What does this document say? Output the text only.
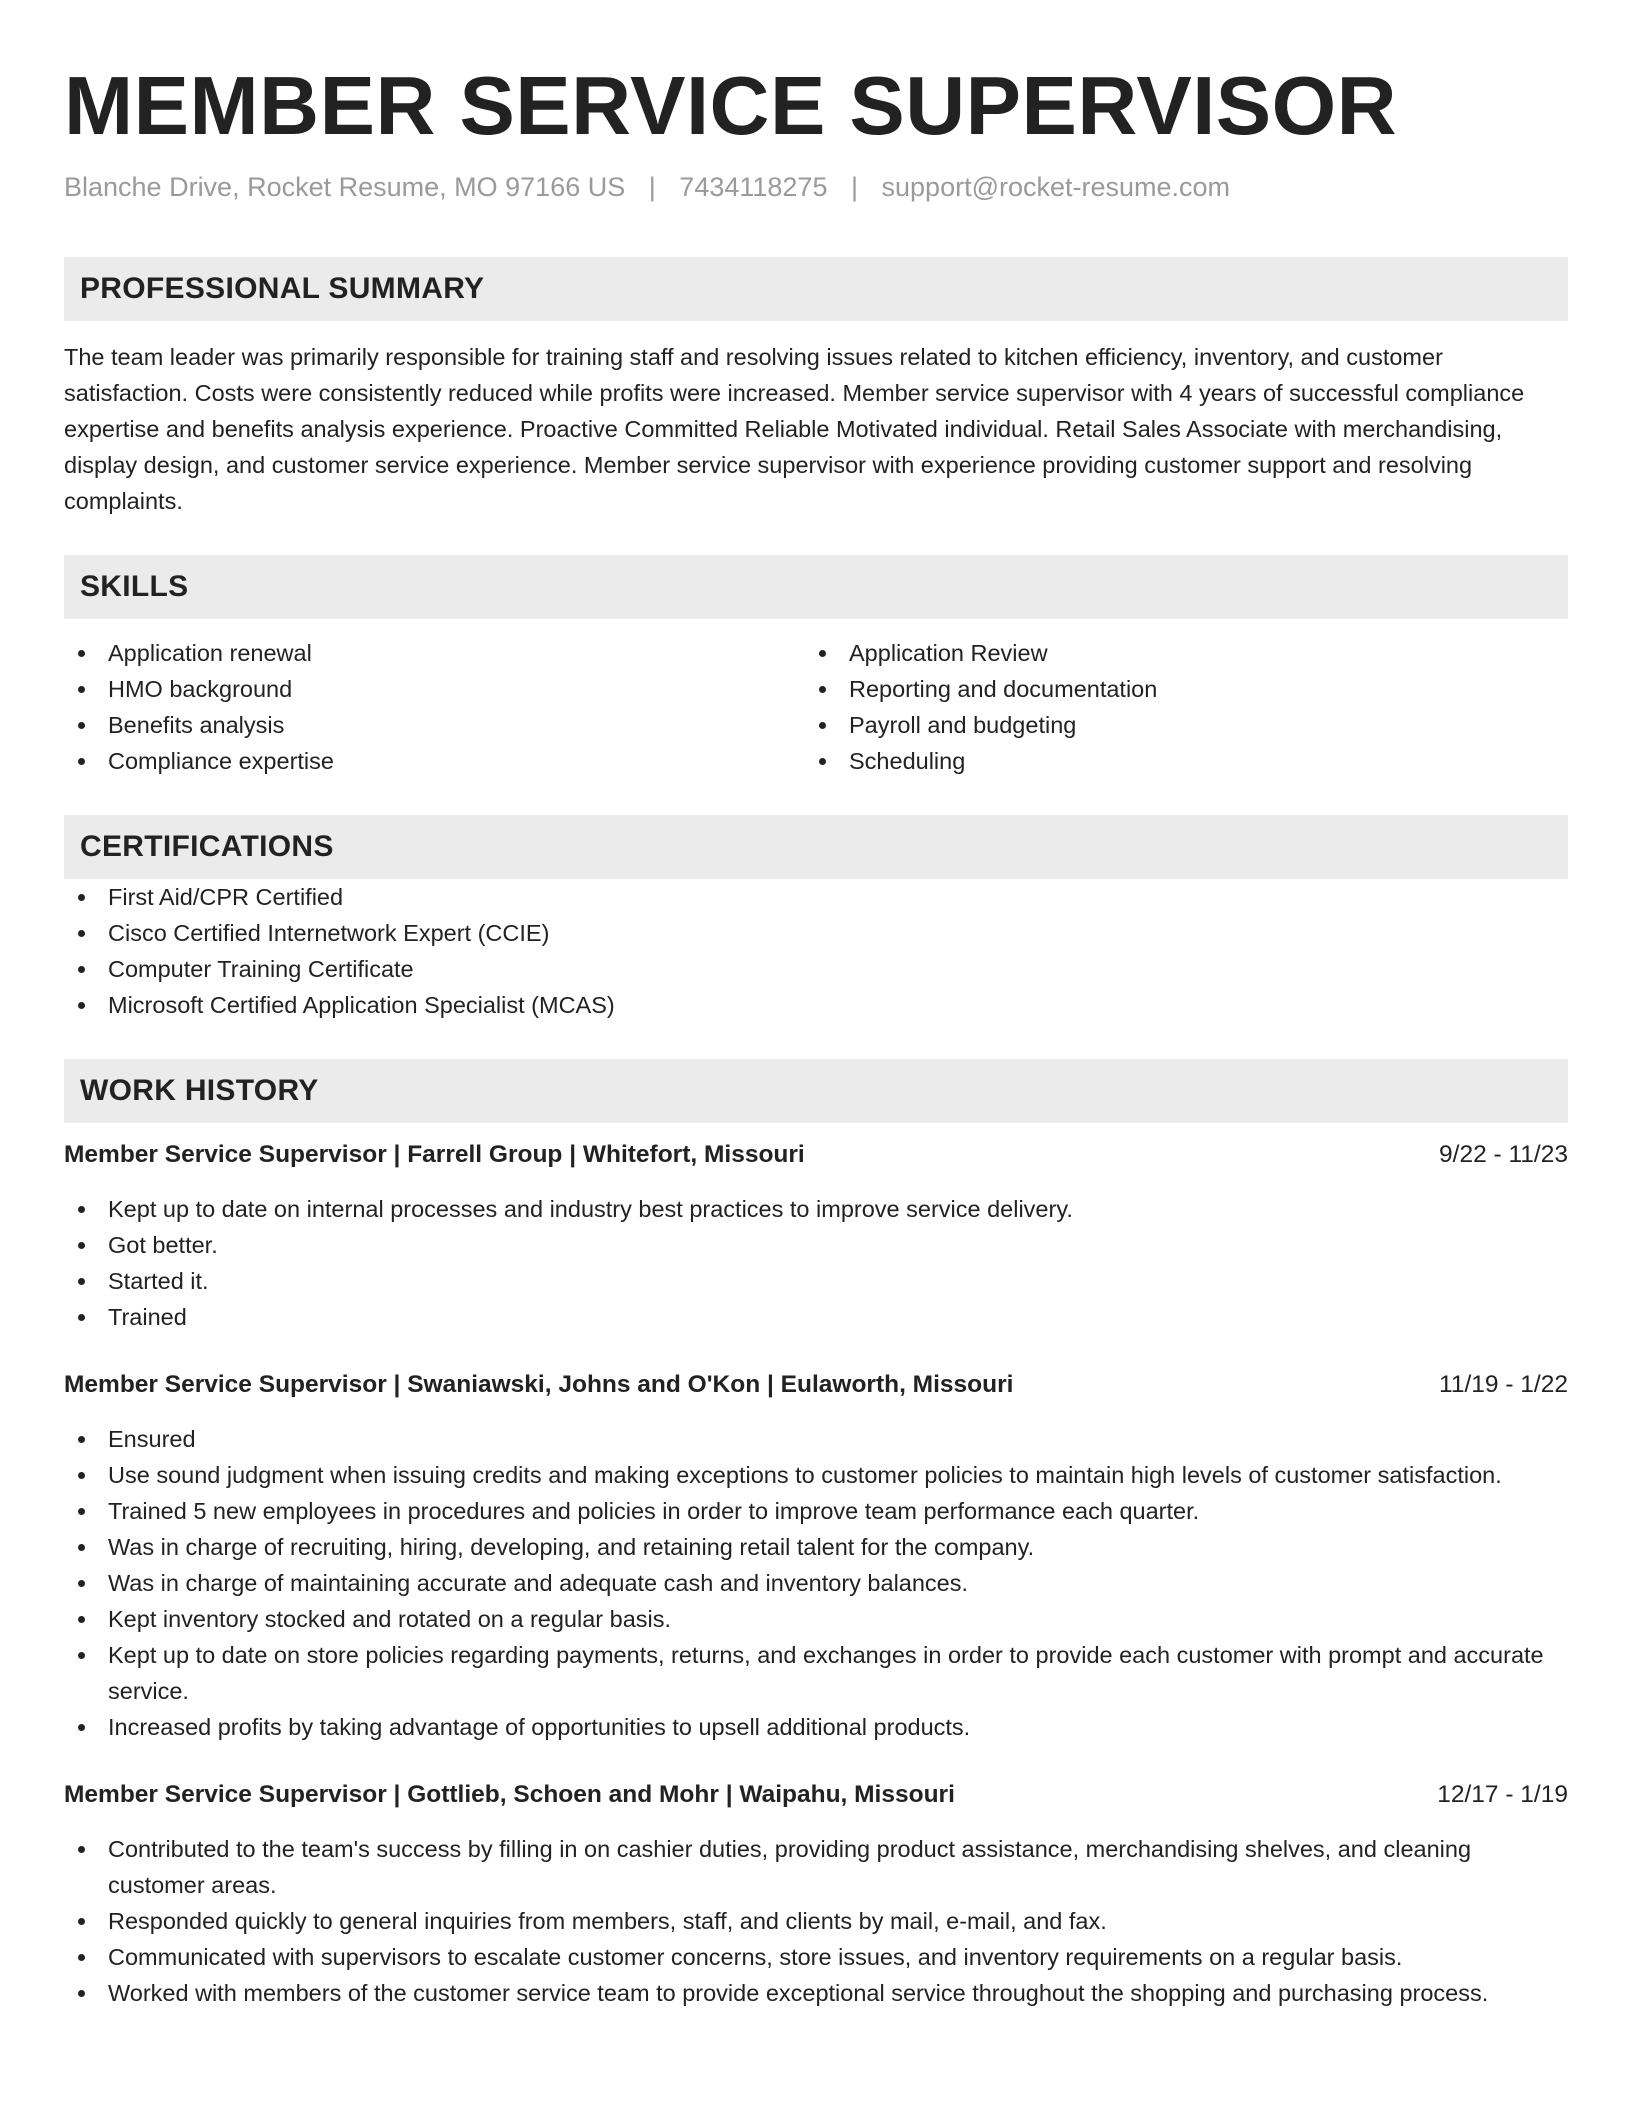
MEMBER SERVICE SUPERVISOR
Blanche Drive, Rocket Resume, MO 97166 US | 7434118275 | support@rocket-resume.com
PROFESSIONAL SUMMARY

The team leader was primarily responsible for training staff and resolving issues related to kitchen efficiency, inventory, and customer satisfaction. Costs were consistently reduced while profits were increased. Member service supervisor with 4 years of successful compliance expertise and benefits analysis experience. Proactive Committed Reliable Motivated individual. Retail Sales Associate with merchandising, display design, and customer service experience. Member service supervisor with experience providing customer support and resolving complaints.

SKILLS
Application renewal
HMO background
Benefits analysis
Compliance expertise
Application Review
Reporting and documentation
Payroll and budgeting
Scheduling
CERTIFICATIONS
First Aid/CPR Certified
Cisco Certified Internetwork Expert (CCIE)
Computer Training Certificate
Microsoft Certified Application Specialist (MCAS)
WORK HISTORY
Member Service Supervisor | Farrell Group | Whitefort, Missouri	9/22 - 11/23
Kept up to date on internal processes and industry best practices to improve service delivery.
Got better.
Started it.
Trained
Member Service Supervisor | Swaniawski, Johns and O'Kon | Eulaworth, Missouri	11/19 - 1/22
Ensured
Use sound judgment when issuing credits and making exceptions to customer policies to maintain high levels of customer satisfaction.
Trained 5 new employees in procedures and policies in order to improve team performance each quarter.
Was in charge of recruiting, hiring, developing, and retaining retail talent for the company.
Was in charge of maintaining accurate and adequate cash and inventory balances.
Kept inventory stocked and rotated on a regular basis.
Kept up to date on store policies regarding payments, returns, and exchanges in order to provide each customer with prompt and accurate service.
Increased profits by taking advantage of opportunities to upsell additional products.
Member Service Supervisor | Gottlieb, Schoen and Mohr | Waipahu, Missouri	12/17 - 1/19
Contributed to the team's success by filling in on cashier duties, providing product assistance, merchandising shelves, and cleaning customer areas.
Responded quickly to general inquiries from members, staff, and clients by mail, e-mail, and fax.
Communicated with supervisors to escalate customer concerns, store issues, and inventory requirements on a regular basis.
Worked with members of the customer service team to provide exceptional service throughout the shopping and purchasing process.
